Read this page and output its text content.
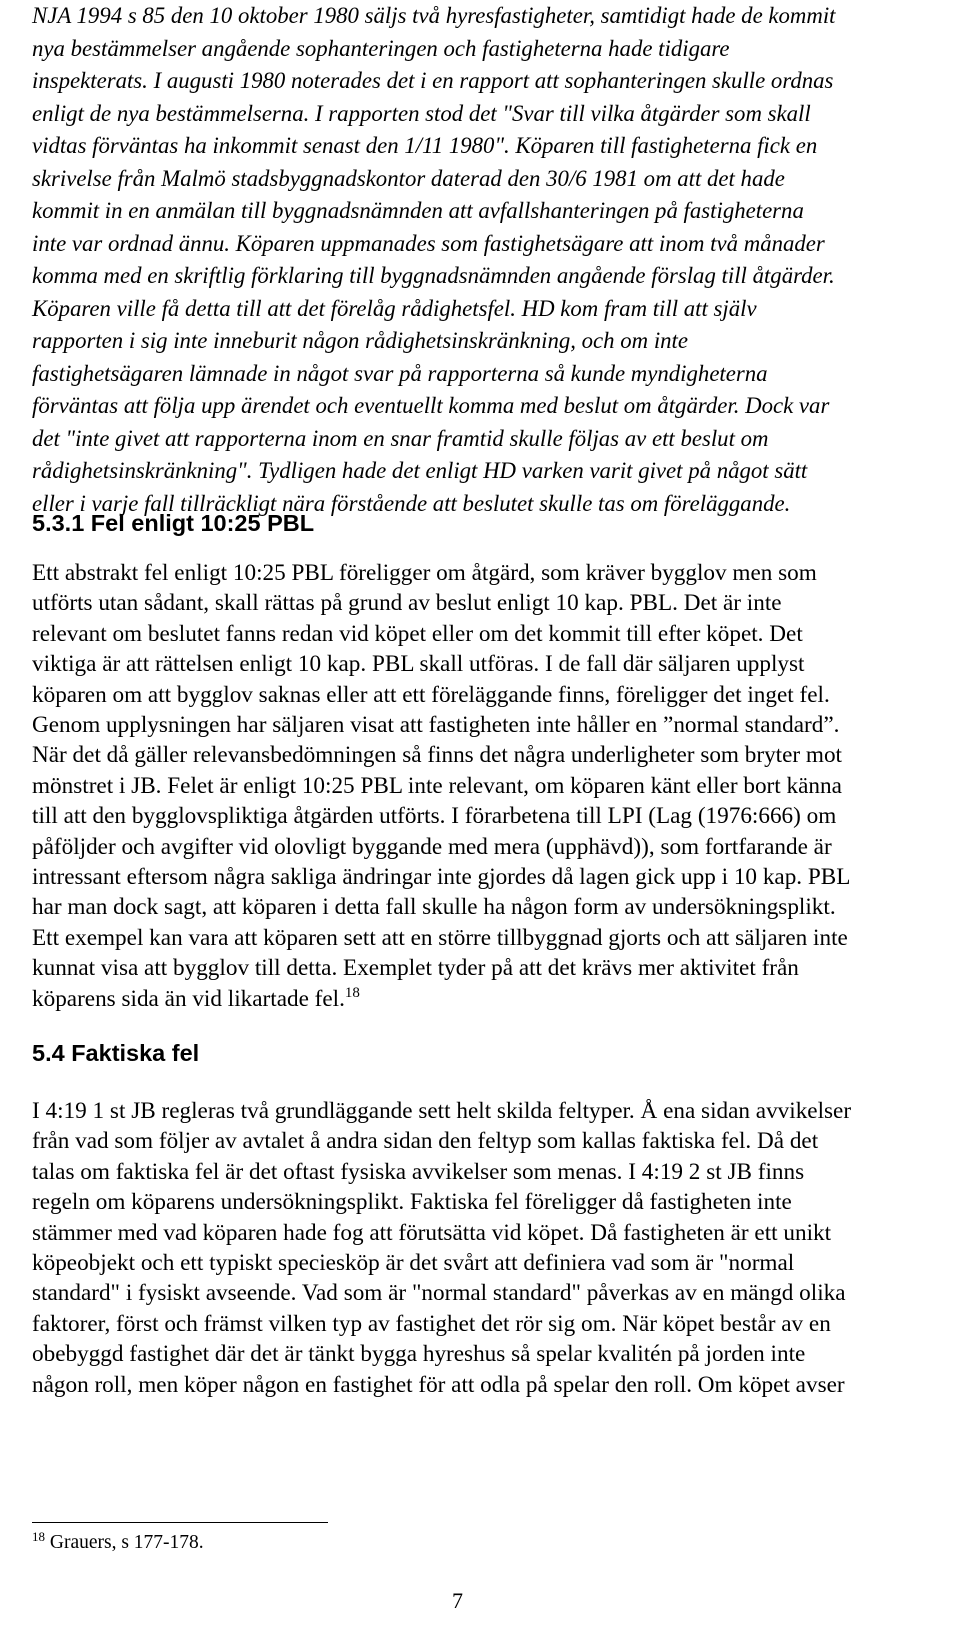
NJA 1994 s 85 den 10 oktober 1980 säljs två hyresfastigheter, samtidigt hade de kommit
nya bestämmelser angående sophanteringen och fastigheterna hade tidigare
inspekterats. I augusti 1980 noterades det i en rapport att sophanteringen skulle ordnas
enligt de nya bestämmelserna. I rapporten stod det "Svar till vilka åtgärder som skall
vidtas förväntas ha inkommit senast den 1/11 1980". Köparen till fastigheterna fick en
skrivelse från Malmö stadsbyggnadskontor daterad den 30/6 1981 om att det hade
kommit in en anmälan till byggnadsnämnden att avfallshanteringen på fastigheterna
inte var ordnad ännu. Köparen uppmanades som fastighetsägare att inom två månader
komma med en skriftlig förklaring till byggnadsnämnden angående förslag till åtgärder.
Köparen ville få detta till att det förelåg rådighetsfel. HD kom fram till att själv
rapporten i sig inte inneburit någon rådighetsinskränkning, och om inte
fastighetsägaren lämnade in något svar på rapporterna så kunde myndigheterna
förväntas att följa upp ärendet och eventuellt komma med beslut om åtgärder. Dock var
det "inte givet att rapporterna inom en snar framtid skulle följas av ett beslut om
rådighetsinskränkning". Tydligen hade det enligt HD varken varit givet på något sätt
eller i varje fall tillräckligt nära förstående att beslutet skulle tas om föreläggande.
5.3.1 Fel enligt 10:25 PBL
Ett abstrakt fel enligt 10:25 PBL föreligger om åtgärd, som kräver bygglov men som
utförts utan sådant, skall rättas på grund av beslut enligt 10 kap. PBL. Det är inte
relevant om beslutet fanns redan vid köpet eller om det kommit till efter köpet. Det
viktiga är att rättelsen enligt 10 kap. PBL skall utföras. I de fall där säljaren upplyst
köparen om att bygglov saknas eller att ett föreläggande finns, föreligger det inget fel.
Genom upplysningen har säljaren visat att fastigheten inte håller en ”normal standard”.
När det då gäller relevansbedömningen så finns det några underligheter som bryter mot
mönstret i JB. Felet är enligt 10:25 PBL inte relevant, om köparen känt eller bort känna
till att den bygglovspliktiga åtgärden utförts. I förarbetena till LPI (Lag (1976:666) om
påföljder och avgifter vid olovligt byggande med mera (upphävd)), som fortfarande är
intressant eftersom några sakliga ändringar inte gjordes då lagen gick upp i 10 kap. PBL
har man dock sagt, att köparen i detta fall skulle ha någon form av undersökningsplikt.
Ett exempel kan vara att köparen sett att en större tillbyggnad gjorts och att säljaren inte
kunnat visa att bygglov till detta. Exemplet tyder på att det krävs mer aktivitet från
köparens sida än vid likartade fel.$^{18}$
5.4 Faktiska fel
I 4:19 1 st JB regleras två grundläggande sett helt skilda feltyper. Å ena sidan avvikelser
från vad som följer av avtalet å andra sidan den feltyp som kallas faktiska fel. Då det
talas om faktiska fel är det oftast fysiska avvikelser som menas. I 4:19 2 st JB finns
regeln om köparens undersökningsplikt. Faktiska fel föreligger då fastigheten inte
stämmer med vad köparen hade fog att förutsätta vid köpet. Då fastigheten är ett unikt
köpeobjekt och ett typiskt speciesköp är det svårt att definiera vad som är "normal
standard" i fysiskt avseende. Vad som är "normal standard" påverkas av en mängd olika
faktorer, först och främst vilken typ av fastighet det rör sig om. När köpet består av en
obebyggd fastighet där det är tänkt bygga hyreshus så spelar kvalitén på jorden inte
någon roll, men köper någon en fastighet för att odla på spelar den roll. Om köpet avser

$^{18}$ Grauers, s 177-178.

7
